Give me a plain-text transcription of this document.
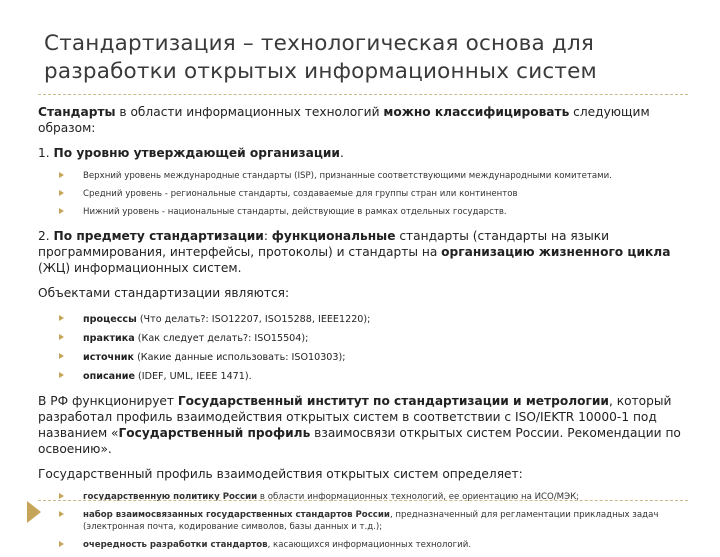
Стандартизация – технологическая основа для разработки открытых информационных систем

Стандарты в области информационных технологий можно классифицировать следующим образом:

1. По уровню утверждающей организации.

Верхний уровень международные стандарты (ISP), признанные соответствующими международными комитетами.
Средний уровень - региональные стандарты, создаваемые для группы стран или континентов
Нижний уровень - национальные стандарты, действующие в рамках отдельных государств.

2. По предмету стандартизации: функциональные стандарты (стандарты на языки программирования, интерфейсы, протоколы) и стандарты на организацию жизненного цикла (ЖЦ) информационных систем.

Объектами стандартизации являются:

процессы (Что делать?: ISO12207, ISO15288, IEEE1220);
практика (Как следует делать?: ISO15504);
источник (Какие данные использовать: ISO10303);
описание (IDEF, UML, IEEE 1471).

В РФ функционирует Государственный институт по стандартизации и метрологии, который разработал профиль взаимодействия открытых систем в соответствии с ISO/IEKTR 10000-1 под названием «Государственный профиль взаимосвязи открытых систем России. Рекомендации по освоению».

Государственный профиль взаимодействия открытых систем определяет:

государственную политику России в области информационных технологий, ее ориентацию на ИСО/МЭК;
набор взаимосвязанных государственных стандартов России, предназначенный для регламентации прикладных задач (электронная почта, кодирование символов, базы данных и т.д.);
очередность разработки стандартов, касающихся информационных технологий.
